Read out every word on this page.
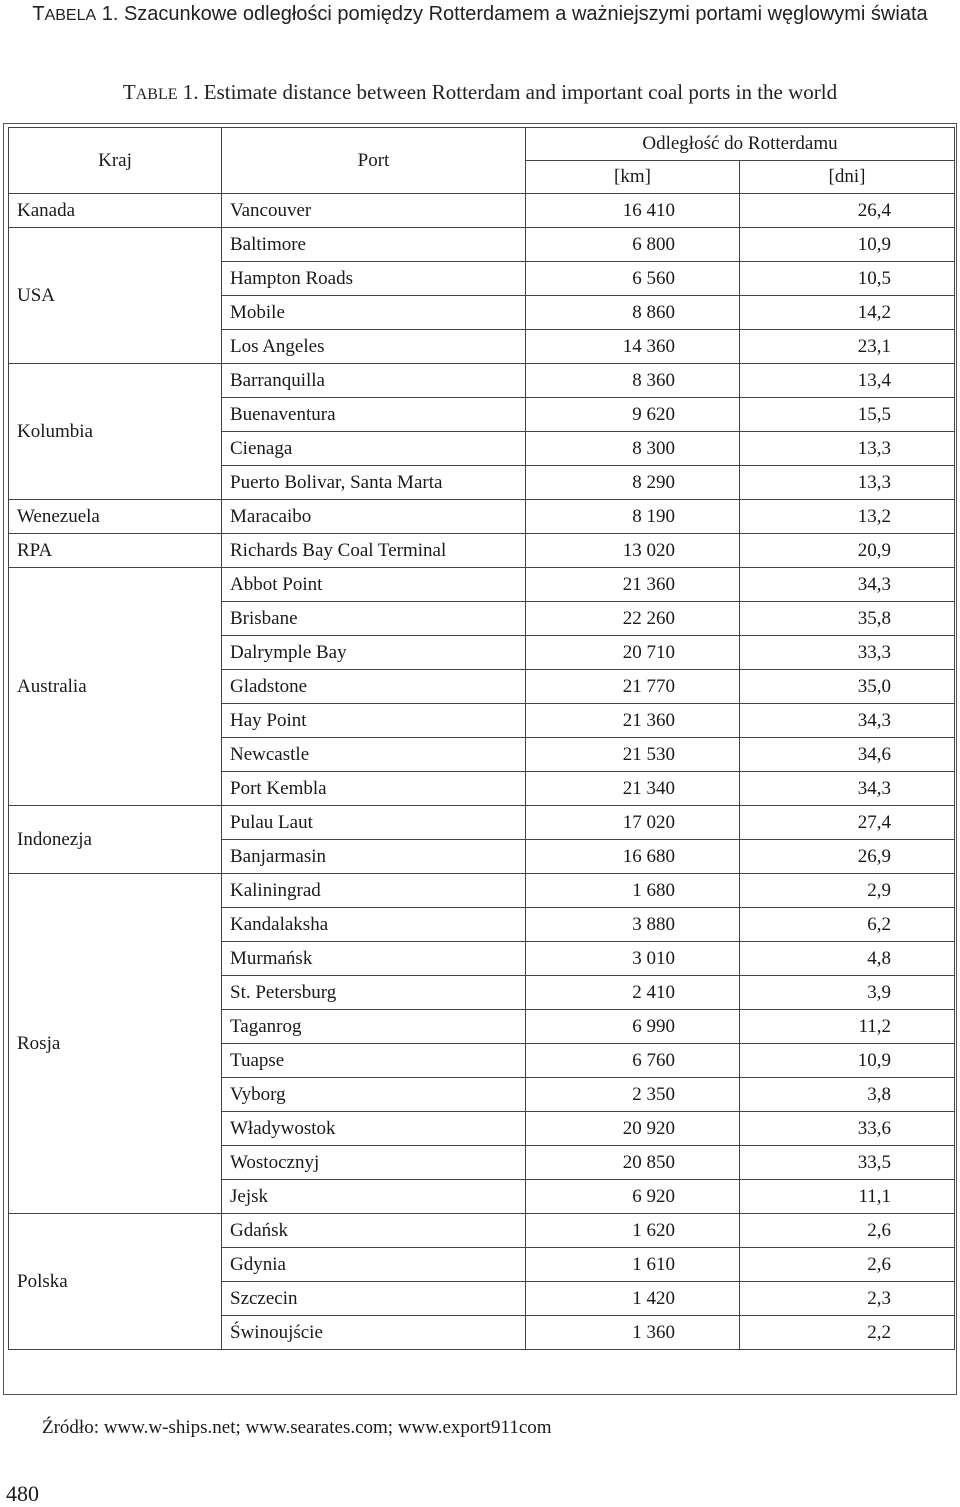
TABELA 1. Szacunkowe odległości pomiędzy Rotterdamem a ważniejszymi portami węglowymi świata
TABLE 1. Estimate distance between Rotterdam and important coal ports in the world
Kraj	Port	Odległość do Rotterdamu	
		[km]	[dni]
Kanada	Vancouver	16 410	26,4
USA	Baltimore	6 800	10,9
	Hampton Roads	6 560	10,5
	Mobile	8 860	14,2
	Los Angeles	14 360	23,1
Kolumbia	Barranquilla	8 360	13,4
	Buenaventura	9 620	15,5
	Cienaga	8 300	13,3
	Puerto Bolivar, Santa Marta	8 290	13,3
Wenezuela	Maracaibo	8 190	13,2
RPA	Richards Bay Coal Terminal	13 020	20,9
Australia	Abbot Point	21 360	34,3
	Brisbane	22 260	35,8
	Dalrymple Bay	20 710	33,3
	Gladstone	21 770	35,0
	Hay Point	21 360	34,3
	Newcastle	21 530	34,6
	Port Kembla	21 340	34,3
Indonezja	Pulau Laut	17 020	27,4
	Banjarmasin	16 680	26,9
Rosja	Kaliningrad	1 680	2,9
	Kandalaksha	3 880	6,2
	Murmańsk	3 010	4,8
	St. Petersburg	2 410	3,9
	Taganrog	6 990	11,2
	Tuapse	6 760	10,9
	Vyborg	2 350	3,8
	Władywostok	20 920	33,6
	Wostocznyj	20 850	33,5
	Jejsk	6 920	11,1
Polska	Gdańsk	1 620	2,6
	Gdynia	1 610	2,6
	Szczecin	1 420	2,3
	Świnoujście	1 360	2,2
Źródło: www.w-ships.net; www.searates.com; www.export911com
480
